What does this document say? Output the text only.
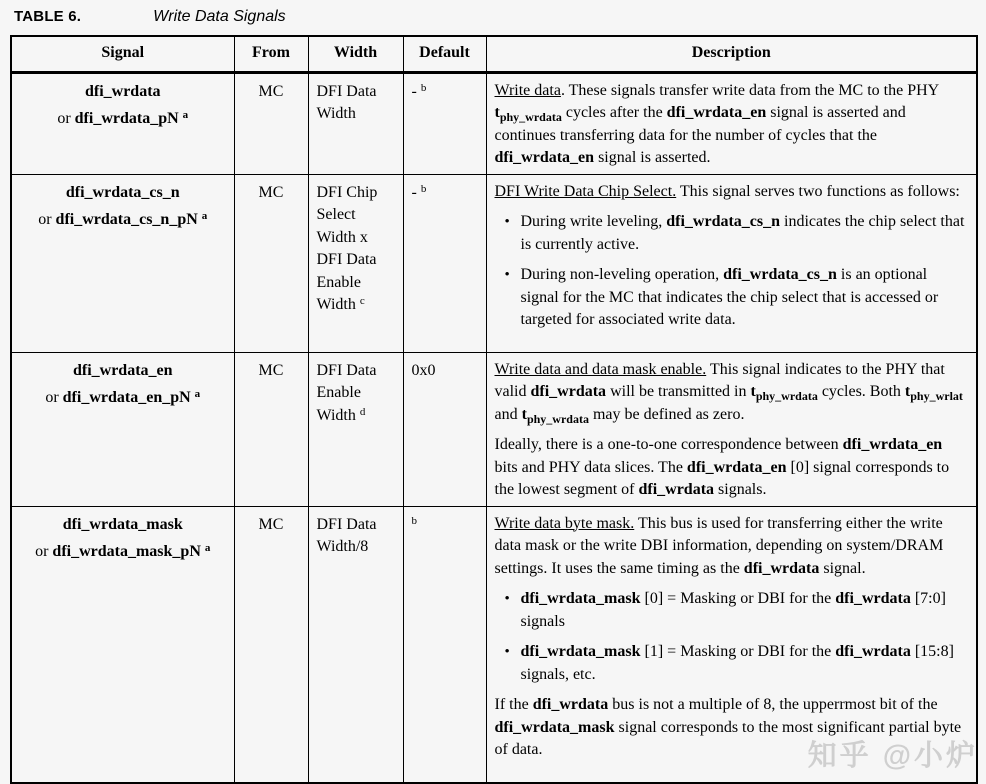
TABLE 6.	Write Data Signals
Signal	From	Width	Default	Description

dfi_wrdata
or dfi_wrdata_pN $^a$	MC	DFI Data Width	- $^b$	Write data. These signals transfer write data from the MC to the PHY $t_{phy\_wrdata}$ cycles after the dfi_wrdata_en signal is asserted and continues transferring data for the number of cycles that the dfi_wrdata_en signal is asserted.

dfi_wrdata_cs_n
or dfi_wrdata_cs_n_pN $^a$
	MC	DFI Chip Select Width x DFI Data Enable Width $^c$	- $^b$	DFI Write Data Chip Select. This signal serves two functions as follows:
• During write leveling, dfi_wrdata_cs_n indicates the chip select that is currently active.
• During non-leveling operation, dfi_wrdata_cs_n is an optional signal for the MC that indicates the chip select that is accessed or targeted for associated write data.

dfi_wrdata_en
or dfi_wrdata_en_pN $^a$
	MC	DFI Data Enable Width $^d$	0x0	Write data and data mask enable. This signal indicates to the PHY that valid dfi_wrdata will be transmitted in $t_{phy\_wrdata}$ cycles. Both $t_{phy\_wrlat}$ and $t_{phy\_wrdata}$ may be defined as zero.
Ideally, there is a one-to-one correspondence between dfi_wrdata_en bits and PHY data slices. The dfi_wrdata_en [0] signal corresponds to the lowest segment of dfi_wrdata signals.

dfi_wrdata_mask
or dfi_wrdata_mask_pN $^a$
	MC	DFI Data Width/8	$^b$	Write data byte mask. This bus is used for transferring either the write data mask or the write DBI information, depending on system/DRAM settings. It uses the same timing as the dfi_wrdata signal.
• dfi_wrdata_mask [0] = Masking or DBI for the dfi_wrdata [7:0] signals
• dfi_wrdata_mask [1] = Masking or DBI for the dfi_wrdata [15:8] signals, etc.
If the dfi_wrdata bus is not a multiple of 8, the upperrmost bit of the dfi_wrdata_mask signal corresponds to the most significant partial byte of data.	知乎 @小炉
